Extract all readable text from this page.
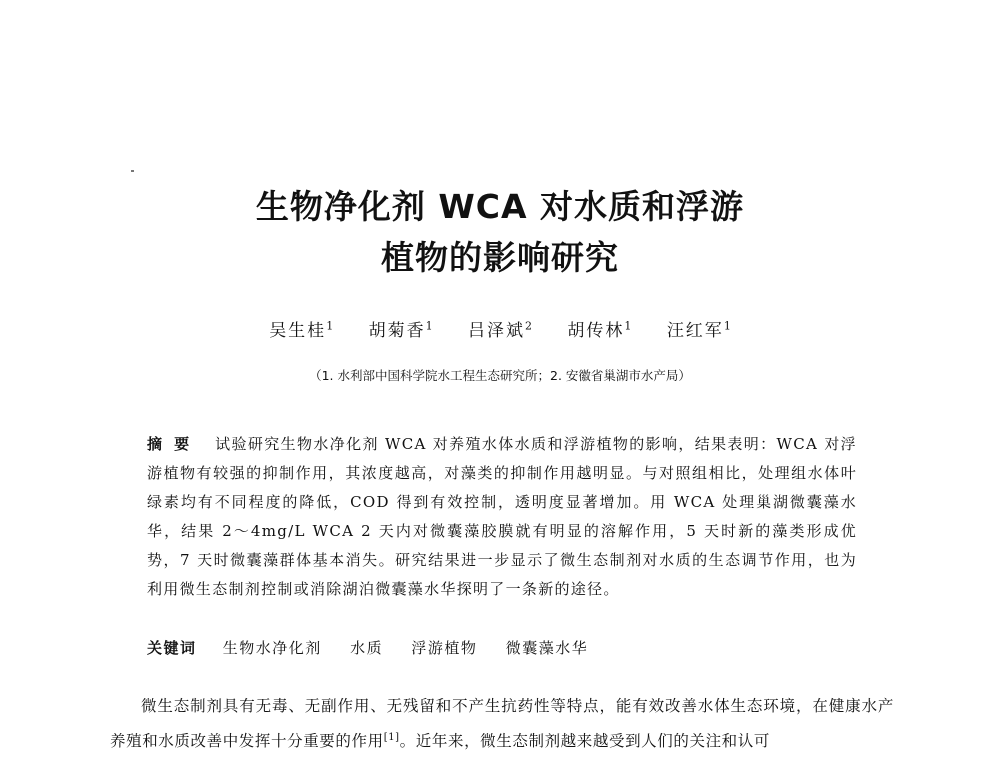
生物净化剂 WCA 对水质和浮游
植物的影响研究
吴生桂$^1$ 胡菊香$^1$ 吕泽斌$^2$ 胡传林$^1$ 汪红军$^1$
（1. 水利部中国科学院水工程生态研究所；2. 安徽省巢湖市水产局）
摘要 试验研究生物水净化剂 WCA 对养殖水体水质和浮游植物的影响，结果表明：WCA 对浮游植物有较强的抑制作用，其浓度越高，对藻类的抑制作用越明显。与对照组相比，处理组水体叶绿素均有不同程度的降低，COD 得到有效控制，透明度显著增加。用 WCA 处理巢湖微囊藻水华，结果 2～4mg/L WCA 2 天内对微囊藻胶膜就有明显的溶解作用，5 天时新的藻类形成优势，7 天时微囊藻群体基本消失。研究结果进一步显示了微生态制剂对水质的生态调节作用，也为利用微生态制剂控制或消除湖泊微囊藻水华探明了一条新的途径。
关键词 生物水净化剂 水质 浮游植物 微囊藻水华
微生态制剂具有无毒、无副作用、无残留和不产生抗药性等特点，能有效改善水体生态环境，在健康水产养殖和水质改善中发挥十分重要的作用[1]。近年来，微生态制剂越来越受到人们的关注和认可
